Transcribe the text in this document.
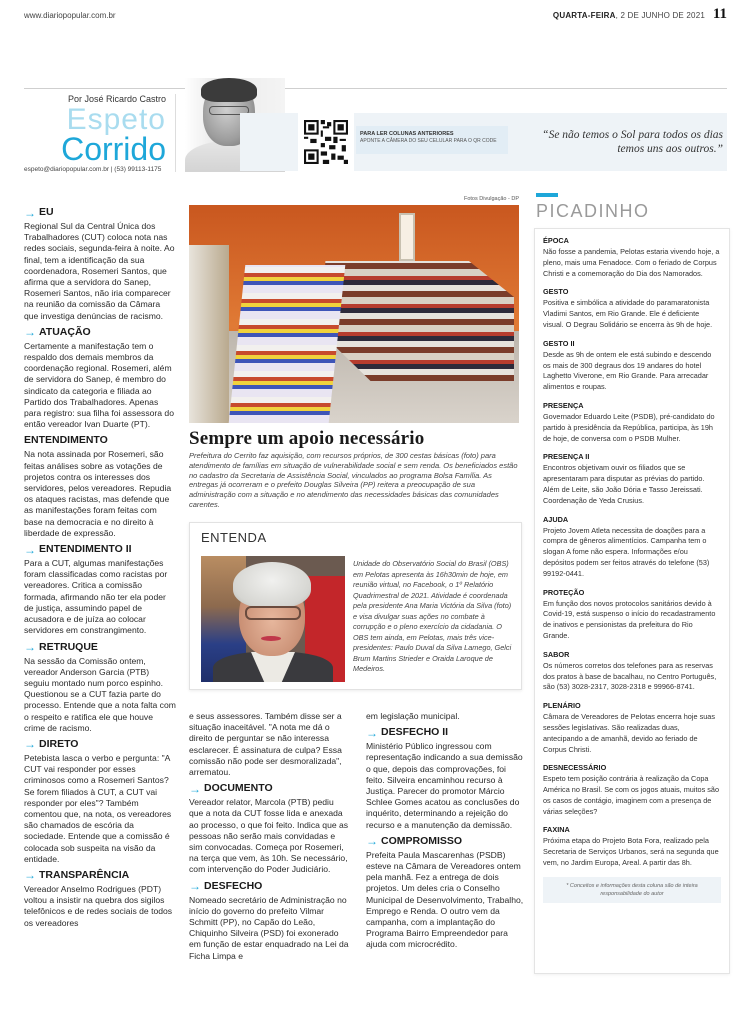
www.diariopopular.com.br	QUARTA-FEIRA, 2 DE JUNHO DE 2021 11
Por José Ricardo Castro
Espeto
Corrido
espeto@diariopopular.com.br | (53) 99113-1175
PARA LER COLUNAS ANTERIORES
APONTE A CÂMERA DO SEU CELULAR PARA O QR CODE	“Se não temos o Sol para todos os dias temos uns aos outros.”
→ EU

Regional Sul da Central Única dos Trabalhadores (CUT) coloca nota nas redes sociais, segunda-feira à noite. Ao final, tem a identificação da sua coordenadora, Rosemeri Santos, que afirma que a servidora do Sanep, Rosemeri Santos, não iria comparecer na reunião da comissão da Câmara que investiga denúncias de racismo.

→ ATUAÇÃO

Certamente a manifestação tem o respaldo dos demais membros da coordenação regional. Rosemeri, além de servidora do Sanep, é membro do sindicato da categoria e filiada ao Partido dos Trabalhadores. Apenas para registro: sua filha foi assessora do então vereador Ivan Duarte (PT).

ENTENDIMENTO

Na nota assinada por Rosemeri, são feitas análises sobre as votações de projetos contra os interesses dos servidores, pelos vereadores. Repudia os ataques racistas, mas defende que as manifestações foram feitas com base na democracia e no direito à liberdade de expressão.

→ ENTENDIMENTO II

Para a CUT, algumas manifestações foram classificadas como racistas por vereadores. Critica a comissão formada, afirmando não ter ela poder de justiça, assumindo papel de acusadora e de juíza ao colocar servidores em constrangimento.

→ RETRUQUE

Na sessão da Comissão ontem, vereador Anderson Garcia (PTB) seguiu montado num porco espinho. Questionou se a CUT fazia parte do processo. Entende que a nota falta com o respeito e ratifica ele que houve crime de racismo.

→ DIRETO

Petebista lasca o verbo e pergunta: "A CUT vai responder por esses criminosos como a Rosemeri Santos? Se forem filiados à CUT, a CUT vai responder por eles"? Também comentou que, na nota, os vereadores são chamados de escória da sociedade. Entende que a comissão é colocada sob suspeita na visão da entidade.

→ TRANSPARÊNCIA

Vereador Anselmo Rodrigues (PDT) voltou a insistir na quebra dos sigilos telefônicos e de redes sociais de todos os vereadores

Fotos Divulgação - DP
Sempre um apoio necessário
Prefeitura do Cerrito faz aquisição, com recursos próprios, de 300 cestas básicas (foto) para atendimento de famílias em situação de vulnerabilidade social e sem renda. Os beneficiados estão no cadastro da Secretaria de Assistência Social, vinculados ao programa Bolsa Família. As entregas já ocorreram e o prefeito Douglas Silveira (PP) reitera a preocupação de sua administração com a situação e no atendimento das necessidades básicas das comunidades carentes.
ENTENDA
Unidade do Observatório Social do Brasil (OBS) em Pelotas apresenta às 16h30min de hoje, em reunião virtual, no Facebook, o 1º Relatório Quadrimestral de 2021. Atividade é coordenada pela presidente Ana Maria Victória da Silva (foto) e visa divulgar suas ações no combate à corrupção e o pleno exercício da cidadania. O OBS tem ainda, em Pelotas, mais três vice-presidentes: Paulo Duval da Silva Lamego, Gelci Brum Martins Strieder e Oraida Laroque de Medeiros.

e seus assessores. Também disse ser a situação inaceitável. "A nota me dá o direito de perguntar se não interessa esclarecer. É assinatura de culpa? Essa comissão não pode ser desmoralizada", arrematou.

→ DOCUMENTO

Vereador relator, Marcola (PTB) pediu que a nota da CUT fosse lida e anexada ao processo, o que foi feito. Indica que as pessoas não serão mais convidadas e sim convocadas. Começa por Rosemeri, na terça que vem, às 10h. Se necessário, com intervenção do Poder Judiciário.

→ DESFECHO

Nomeado secretário de Administração no início do governo do prefeito Vilmar Schmitt (PP), no Capão do Leão, Chiquinho Silveira (PSD) foi exonerado em função de estar enquadrado na Lei da Ficha Limpa e

em legislação municipal.

→ DESFECHO II

Ministério Público ingressou com representação indicando a sua demissão o que, depois das comprovações, foi feito. Silveira encaminhou recurso à Justiça. Parecer do promotor Márcio Schlee Gomes acatou as conclusões do inquérito, determinando a rejeição do recurso e a manutenção da demissão.

→ COMPROMISSO

Prefeita Paula Mascarenhas (PSDB) esteve na Câmara de Vereadores ontem pela manhã. Fez a entrega de dois projetos. Um deles cria o Conselho Municipal de Desenvolvimento, Trabalho, Emprego e Renda. O outro vem da campanha, com a implantação do Programa Bairro Empreendedor para ajuda com microcrédito.

PICADINHO
ÉPOCA
Não fosse a pandemia, Pelotas estaria vivendo hoje, a pleno, mais uma Fenadoce. Com o feriado de Corpus Christi e a comemoração do Dia dos Namorados.
GESTO
Positiva e simbólica a atividade do paramaratonista Vladimi Santos, em Rio Grande. Ele é deficiente visual. O Degrau Solidário se encerra às 9h de hoje.
GESTO II
Desde as 9h de ontem ele está subindo e descendo os mais de 300 degraus dos 19 andares do hotel Laghetto Viverone, em Rio Grande. Para arrecadar alimentos e roupas.
PRESENÇA
Governador Eduardo Leite (PSDB), pré-candidato do partido à presidência da República, participa, às 19h de hoje, de conversa com o PSDB Mulher.
PRESENÇA II
Encontros objetivam ouvir os filiados que se apresentaram para disputar as prévias do partido. Além de Leite, são João Dória e Tasso Jereissati. Coordenação de Yeda Crusius.
AJUDA
Projeto Jovem Atleta necessita de doações para a compra de gêneros alimentícios. Campanha tem o slogan A fome não espera. Informações e/ou depósitos podem ser feitos através do telefone (53) 99192-0441.
PROTEÇÃO
Em função dos novos protocolos sanitários devido à Covid-19, está suspenso o início do recadastramento de inativos e pensionistas da prefeitura do Rio Grande.
SABOR
Os números corretos dos telefones para as reservas dos pratos à base de bacalhau, no Centro Português, são (53) 3028-2317, 3028-2318 e 99966-8741.
PLENÁRIO
Câmara de Vereadores de Pelotas encerra hoje suas sessões legislativas. São realizadas duas, antecipando a de amanhã, devido ao feriado de Corpus Christi.
DESNECESSÁRIO
Espeto tem posição contrária à realização da Copa América no Brasil. Se com os jogos atuais, muitos são os casos de contágio, imaginem com a presença de várias seleções?
FAXINA
Próxima etapa do Projeto Bota Fora, realizado pela Secretaria de Serviços Urbanos, será na segunda que vem, no Jardim Europa, Areal. A partir das 8h.
* Conceitos e informações desta coluna são de inteira responsabilidade do autor
